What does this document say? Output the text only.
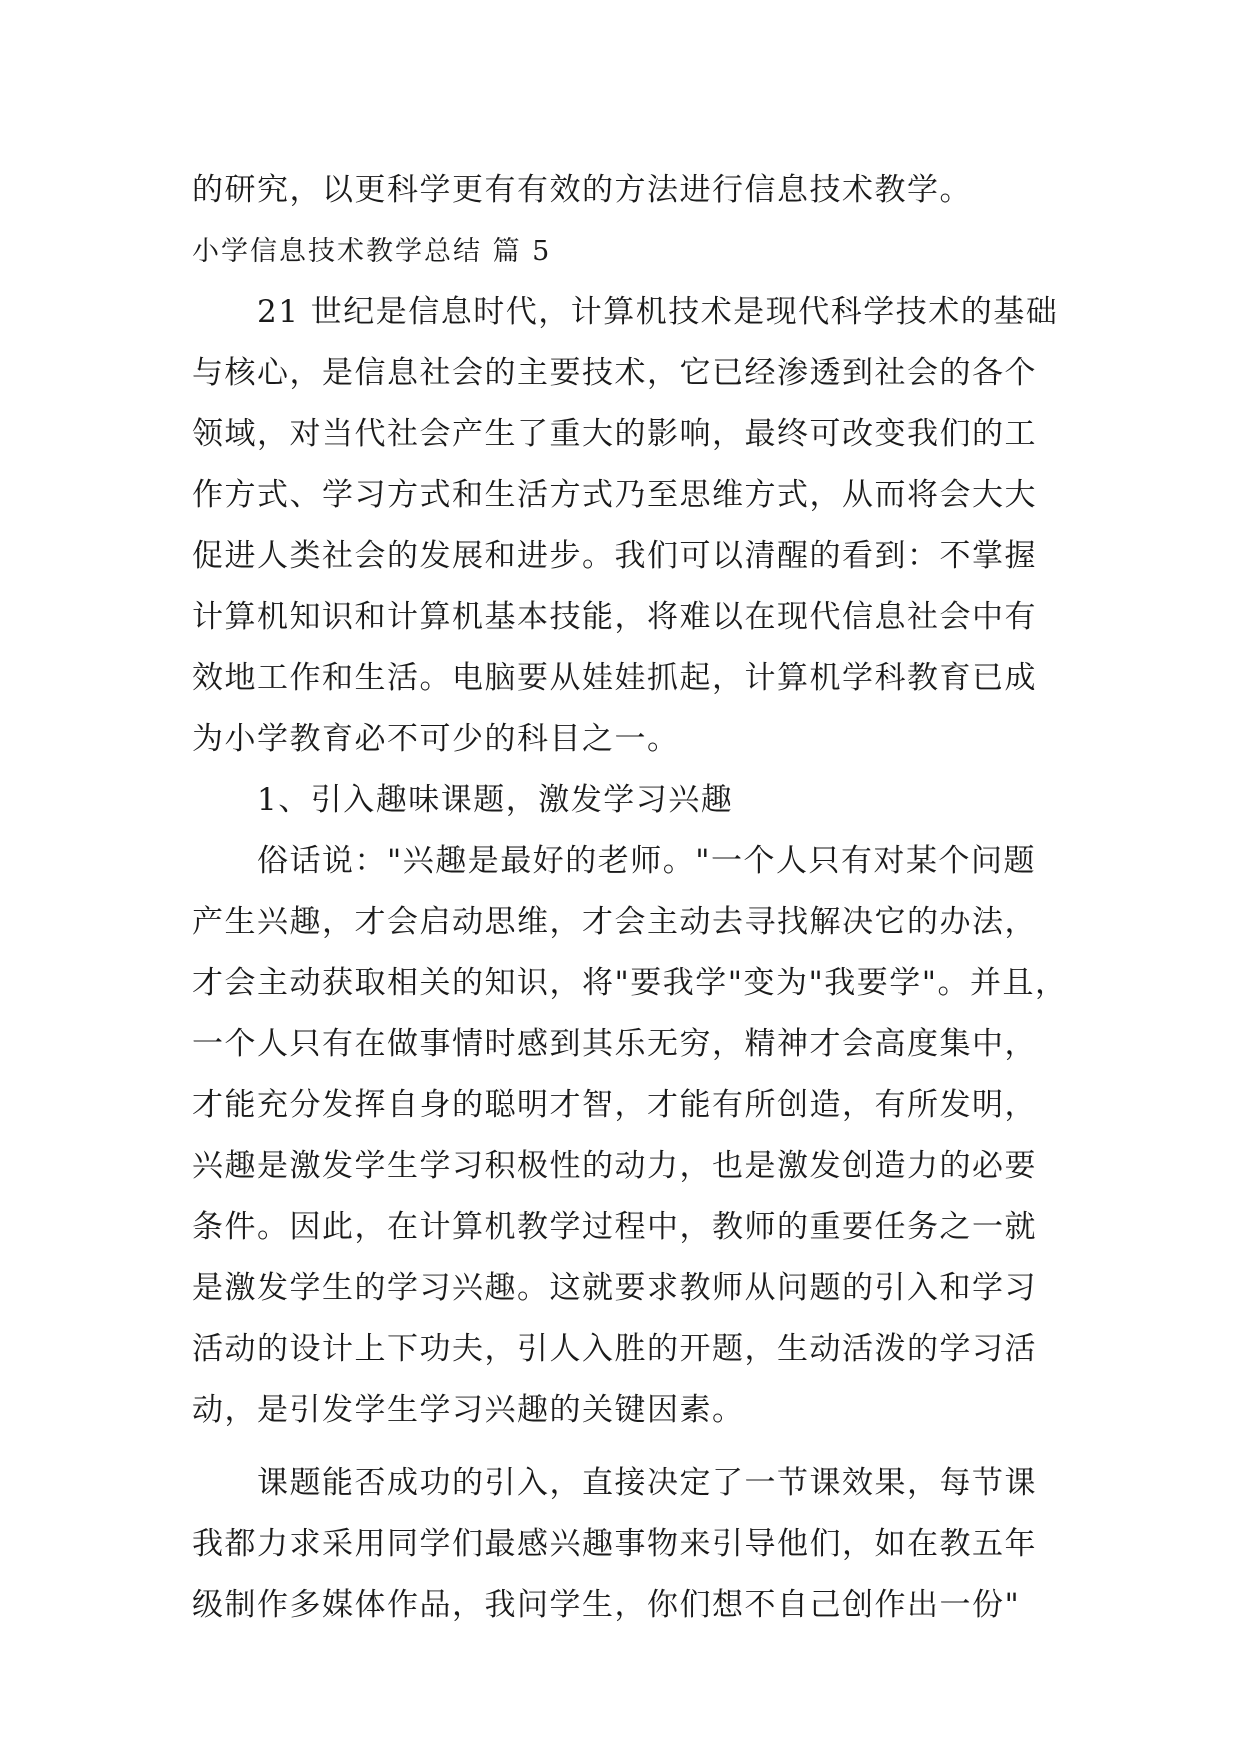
的研究，以更科学更有有效的方法进行信息技术教学。
小学信息技术教学总结 篇 5
　　21 世纪是信息时代，计算机技术是现代科学技术的基础
与核心，是信息社会的主要技术，它已经渗透到社会的各个
领域，对当代社会产生了重大的影响，最终可改变我们的工
作方式、学习方式和生活方式乃至思维方式，从而将会大大
促进人类社会的发展和进步。我们可以清醒的看到：不掌握
计算机知识和计算机基本技能，将难以在现代信息社会中有
效地工作和生活。电脑要从娃娃抓起，计算机学科教育已成
为小学教育必不可少的科目之一。
　　1、引入趣味课题，激发学习兴趣
　　俗话说："兴趣是最好的老师。"一个人只有对某个问题
产生兴趣，才会启动思维，才会主动去寻找解决它的办法，
才会主动获取相关的知识，将"要我学"变为"我要学"。并且，
一个人只有在做事情时感到其乐无穷，精神才会高度集中，
才能充分发挥自身的聪明才智，才能有所创造，有所发明，
兴趣是激发学生学习积极性的动力，也是激发创造力的必要
条件。因此，在计算机教学过程中，教师的重要任务之一就
是激发学生的学习兴趣。这就要求教师从问题的引入和学习
活动的设计上下功夫，引人入胜的开题，生动活泼的学习活
动，是引发学生学习兴趣的关键因素。
　　课题能否成功的引入，直接决定了一节课效果，每节课
我都力求采用同学们最感兴趣事物来引导他们，如在教五年
级制作多媒体作品，我问学生，你们想不自己创作出一份"
